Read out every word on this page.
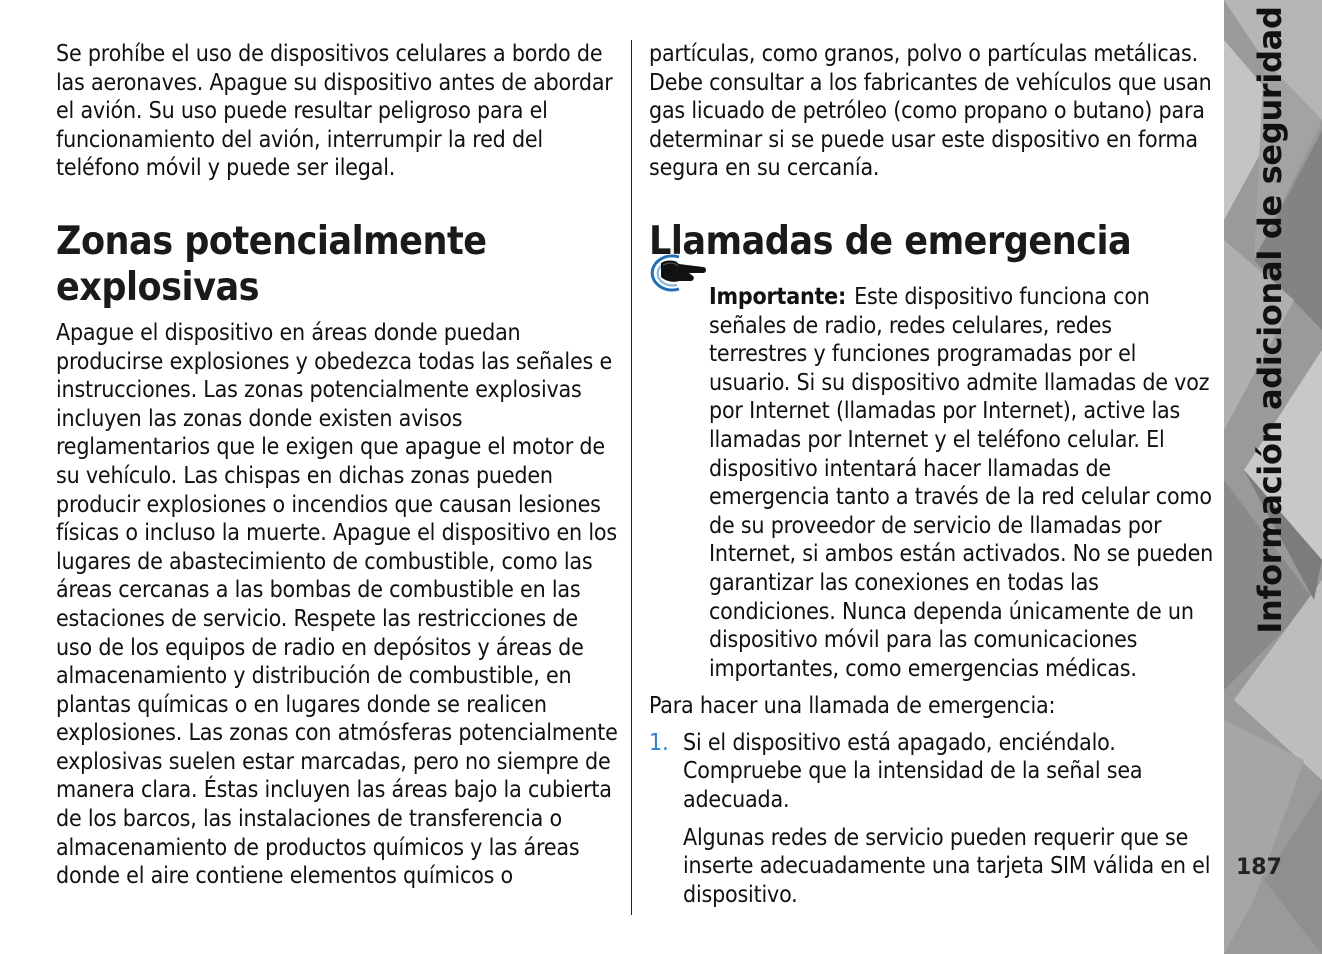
Se prohíbe el uso de dispositivos celulares a bordo de las aeronaves. Apague su dispositivo antes de abordar el avión. Su uso puede resultar peligroso para el funcionamiento del avión, interrumpir la red del teléfono móvil y puede ser ilegal.

Zonas potencialmente explosivas

Apague el dispositivo en áreas donde puedan producirse explosiones y obedezca todas las señales e instrucciones. Las zonas potencialmente explosivas incluyen las zonas donde existen avisos reglamentarios que le exigen que apague el motor de su vehículo. Las chispas en dichas zonas pueden producir explosiones o incendios que causan lesiones físicas o incluso la muerte. Apague el dispositivo en los lugares de abastecimiento de combustible, como las áreas cercanas a las bombas de combustible en las estaciones de servicio. Respete las restricciones de uso de los equipos de radio en depósitos y áreas de almacenamiento y distribución de combustible, en plantas químicas o en lugares donde se realicen explosiones. Las zonas con atmósferas potencialmente explosivas suelen estar marcadas, pero no siempre de manera clara. Éstas incluyen las áreas bajo la cubierta de los barcos, las instalaciones de transferencia o almacenamiento de productos químicos y las áreas donde el aire contiene elementos químicos o

partículas, como granos, polvo o partículas metálicas. Debe consultar a los fabricantes de vehículos que usan gas licuado de petróleo (como propano o butano) para determinar si se puede usar este dispositivo en forma segura en su cercanía.

Llamadas de emergencia

Importante: Este dispositivo funciona con señales de radio, redes celulares, redes terrestres y funciones programadas por el usuario. Si su dispositivo admite llamadas de voz por Internet (llamadas por Internet), active las llamadas por Internet y el teléfono celular. El dispositivo intentará hacer llamadas de emergencia tanto a través de la red celular como de su proveedor de servicio de llamadas por Internet, si ambos están activados. No se pueden garantizar las conexiones en todas las condiciones. Nunca dependa únicamente de un dispositivo móvil para las comunicaciones importantes, como emergencias médicas.

Para hacer una llamada de emergencia:

1. Si el dispositivo está apagado, enciéndalo. Compruebe que la intensidad de la señal sea adecuada.

Algunas redes de servicio pueden requerir que se inserte adecuadamente una tarjeta SIM válida en el dispositivo.

Información adicional de seguridad
187
